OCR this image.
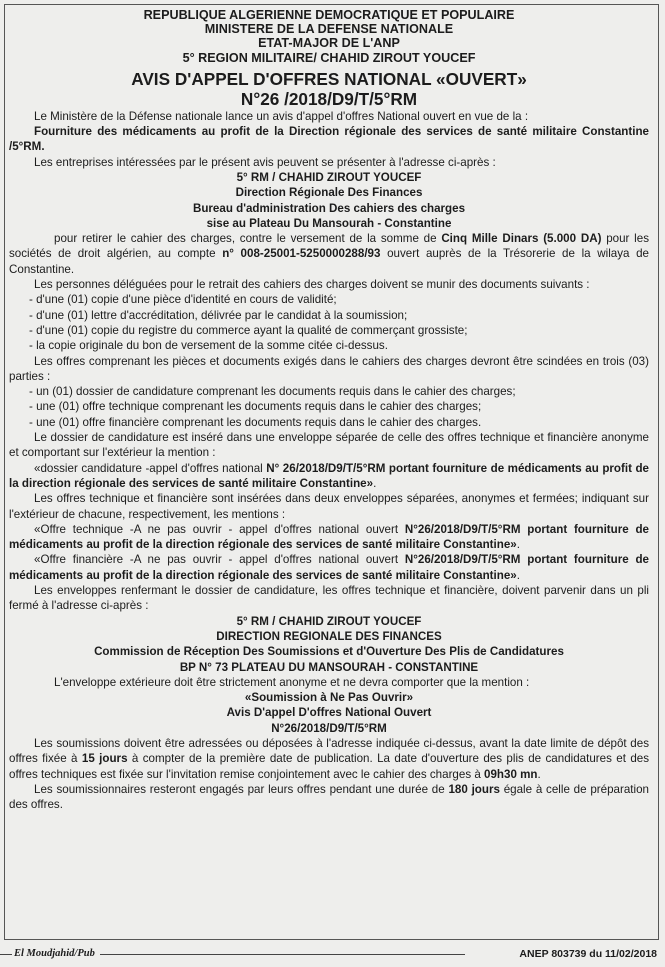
REPUBLIQUE ALGERIENNE DEMOCRATIQUE ET POPULAIRE
MINISTERE DE LA DEFENSE NATIONALE
ETAT-MAJOR DE L'ANP
5° REGION MILITAIRE/ CHAHID ZIROUT YOUCEF
AVIS D'APPEL D'OFFRES NATIONAL «OUVERT»
N°26 /2018/D9/T/5°RM

Le Ministère de la Défense nationale lance un avis d'appel d'offres National ouvert en vue de la :

Fourniture des médicaments au profit de la Direction régionale des services de santé militaire Constantine /5°RM.

Les entreprises intéressées par le présent avis peuvent se présenter à l'adresse ci-après :

5° RM / CHAHID ZIROUT YOUCEF
Direction Régionale Des Finances
Bureau d'administration Des cahiers des charges
sise au Plateau Du Mansourah - Constantine

pour retirer le cahier des charges, contre le versement de la somme de Cinq Mille Dinars (5.000 DA) pour les sociétés de droit algérien, au compte n° 008-25001-5250000288/93 ouvert auprès de la Trésorerie de la wilaya de Constantine.

Les personnes déléguées pour le retrait des cahiers des charges doivent se munir des documents suivants :

- d'une (01) copie d'une pièce d'identité en cours de validité;
- d'une (01) lettre d'accréditation, délivrée par le candidat à la soumission;
- d'une (01) copie du registre du commerce ayant la qualité de commerçant grossiste;
- la copie originale du bon de versement de la somme citée ci-dessus.

Les offres comprenant les pièces et documents exigés dans le cahiers des charges devront être scindées en trois (03) parties :

- un (01) dossier de candidature comprenant les documents requis dans le cahier des charges;
- une (01) offre technique comprenant les documents requis dans le cahier des charges;
- une (01) offre financière comprenant les documents requis dans le cahier des charges.

Le dossier de candidature est inséré dans une enveloppe séparée de celle des offres technique et financière anonyme et comportant sur l'extérieur la mention :

«dossier candidature -appel d'offres national N° 26/2018/D9/T/5°RM portant fourniture de médicaments au profit de la direction régionale des services de santé militaire Constantine».

Les offres technique et financière sont insérées dans deux enveloppes séparées, anonymes et fermées; indiquant sur l'extérieur de chacune, respectivement, les mentions :

«Offre technique -A ne pas ouvrir - appel d'offres national ouvert N°26/2018/D9/T/5°RM portant fourniture de médicaments au profit de la direction régionale des services de santé militaire Constantine».

«Offre financière -A ne pas ouvrir - appel d'offres national ouvert N°26/2018/D9/T/5°RM portant fourniture de médicaments au profit de la direction régionale des services de santé militaire Constantine».

Les enveloppes renfermant le dossier de candidature, les offres technique et financière, doivent parvenir dans un pli fermé à l'adresse ci-après :

5° RM / CHAHID ZIROUT YOUCEF
DIRECTION REGIONALE DES FINANCES
Commission de Réception Des Soumissions et d'Ouverture Des Plis de Candidatures
BP N° 73 PLATEAU DU MANSOURAH - CONSTANTINE

L'enveloppe extérieure doit être strictement anonyme et ne devra comporter que la mention :

«Soumission à Ne Pas Ouvrir»
Avis D'appel D'offres National Ouvert
N°26/2018/D9/T/5°RM

Les soumissions doivent être adressées ou déposées à l'adresse indiquée ci-dessus, avant la date limite de dépôt des offres fixée à 15 jours à compter de la première date de publication. La date d'ouverture des plis de candidatures et des offres techniques est fixée sur l'invitation remise conjointement avec le cahier des charges à 09h30 mn.

Les soumissionnaires resteront engagés par leurs offres pendant une durée de 180 jours égale à celle de préparation des offres.

El Moudjahid/Pub	ANEP 803739 du 11/02/2018
